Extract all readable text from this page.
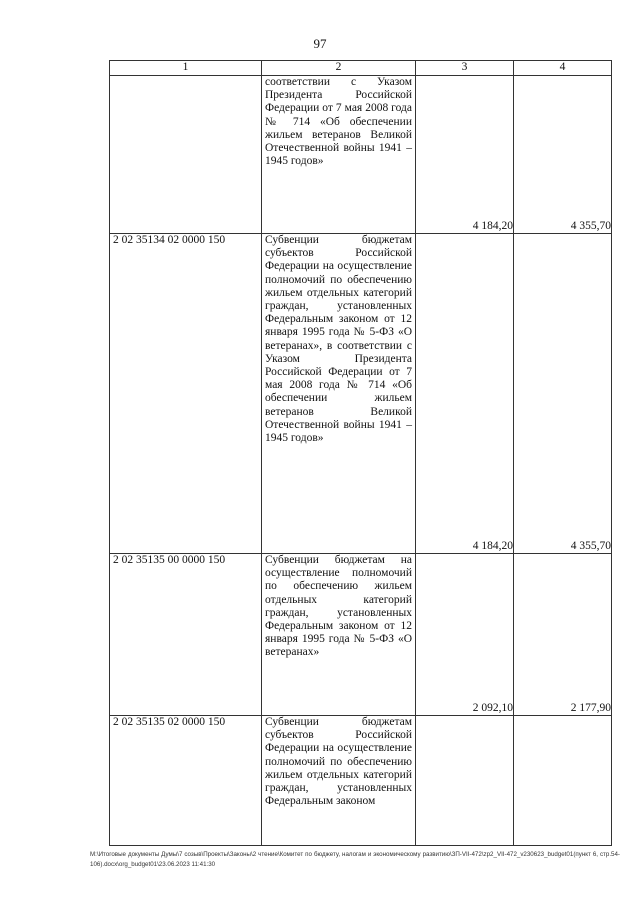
97
1	2	3	4
	соответствии с Указом Президента Российской Федерации от 7 мая 2008 года № 714 «Об обеспечении жильем ветеранов Великой Отечественной войны 1941 – 1945 годов»	4 184,20	4 355,70
2 02 35134 02 0000 150	Субвенции бюджетам субъектов Российской Федерации на осуществление полномочий по обеспечению жильем отдельных категорий граждан, установленных Федеральным законом от 12 января 1995 года № 5-ФЗ «О ветеранах», в соответствии с Указом Президента Российской Федерации от 7 мая 2008 года № 714 «Об обеспечении жильем ветеранов Великой Отечественной войны 1941 – 1945 годов»	4 184,20	4 355,70
2 02 35135 00 0000 150	Субвенции бюджетам на осуществление полномочий по обеспечению жильем отдельных категорий граждан, установленных Федеральным законом от 12 января 1995 года № 5-ФЗ «О ветеранах»	2 092,10	2 177,90
2 02 35135 02 0000 150	Субвенции бюджетам субъектов Российской Федерации на осуществление полномочий по обеспечению жильем отдельных категорий граждан, установленных Федеральным законом		
M:\Итоговые документы Думы\7 созыв\Проекты\Законы\2 чтение\Комитет по бюджету, налогам и экономическому развитию\ЗП-VII-472\zp2_VII-472_v230623_budget01(пункт 6, стр.54-106).docx\org_budget01\23.06.2023 11:41:30
